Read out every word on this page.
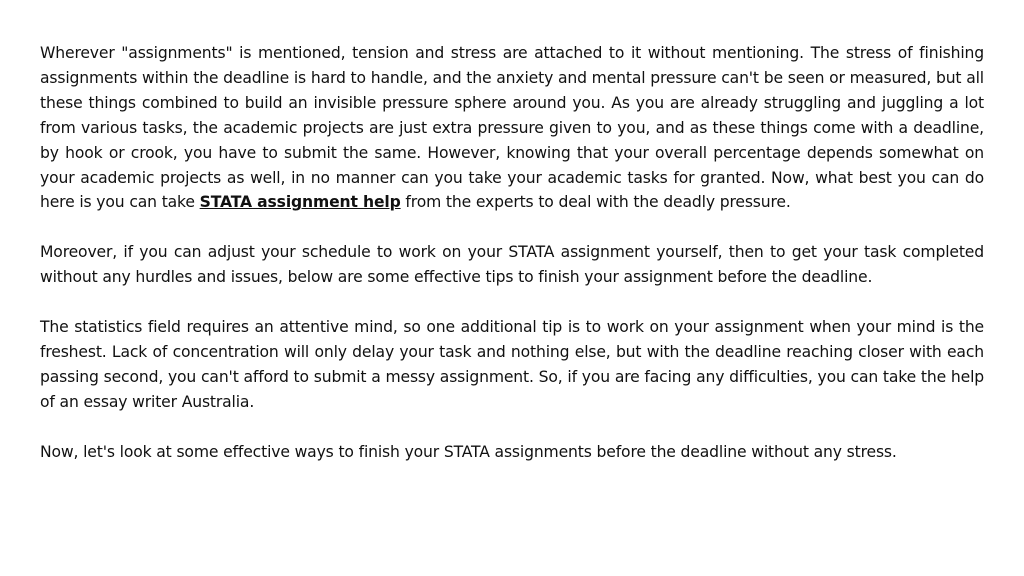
Wherever "assignments" is mentioned, tension and stress are attached to it without mentioning. The stress of finishing assignments within the deadline is hard to handle, and the anxiety and mental pressure can't be seen or measured, but all these things combined to build an invisible pressure sphere around you. As you are already struggling and juggling a lot from various tasks, the academic projects are just extra pressure given to you, and as these things come with a deadline, by hook or crook, you have to submit the same. However, knowing that your overall percentage depends somewhat on your academic projects as well, in no manner can you take your academic tasks for granted. Now, what best you can do here is you can take STATA assignment help from the experts to deal with the deadly pressure.

Moreover, if you can adjust your schedule to work on your STATA assignment yourself, then to get your task completed without any hurdles and issues, below are some effective tips to finish your assignment before the deadline.

The statistics field requires an attentive mind, so one additional tip is to work on your assignment when your mind is the freshest. Lack of concentration will only delay your task and nothing else, but with the deadline reaching closer with each passing second, you can't afford to submit a messy assignment. So, if you are facing any difficulties, you can take the help of an essay writer Australia.

Now, let's look at some effective ways to finish your STATA assignments before the deadline without any stress.
